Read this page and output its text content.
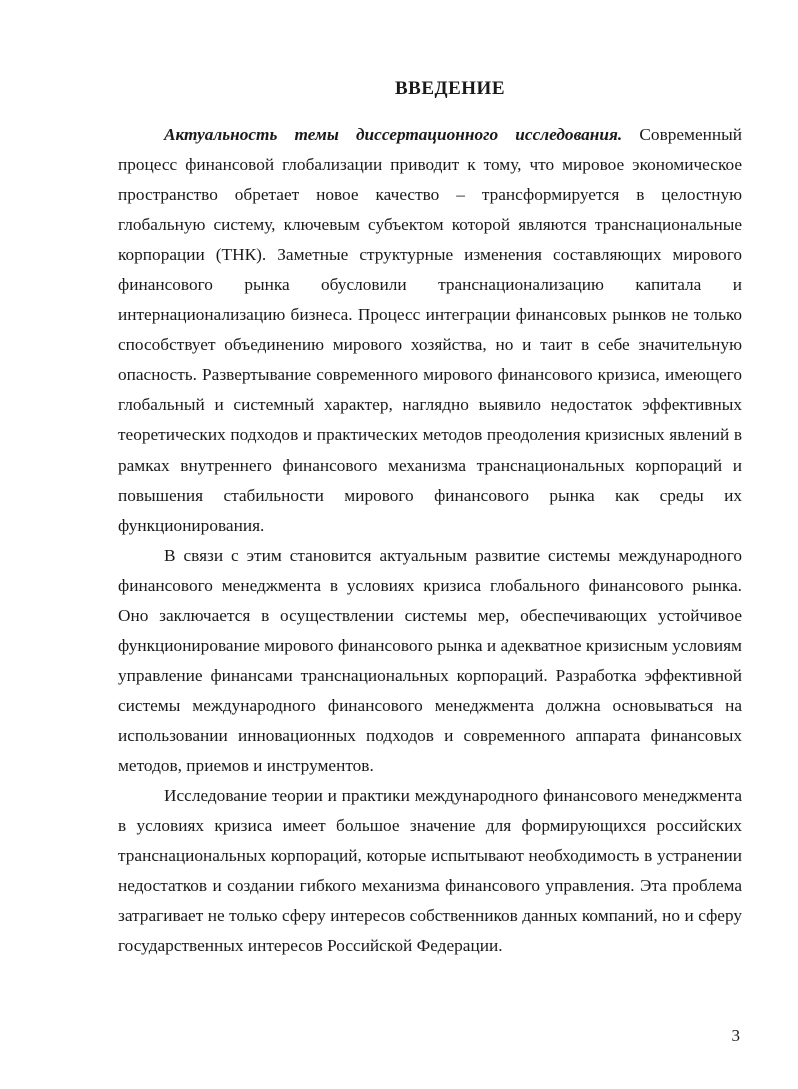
ВВЕДЕНИЕ

Актуальность темы диссертационного исследования. Современный процесс финансовой глобализации приводит к тому, что мировое экономическое пространство обретает новое качество – трансформируется в целостную глобальную систему, ключевым субъектом которой являются транснациональные корпорации (ТНК). Заметные структурные изменения составляющих мирового финансового рынка обусловили транснационализацию капитала и интернационализацию бизнеса. Процесс интеграции финансовых рынков не только способствует объединению мирового хозяйства, но и таит в себе значительную опасность. Развертывание современного мирового финансового кризиса, имеющего глобальный и системный характер, наглядно выявило недостаток эффективных теоретических подходов и практических методов преодоления кризисных явлений в рамках внутреннего финансового механизма транснациональных корпораций и повышения стабильности мирового финансового рынка как среды их функционирования.

В связи с этим становится актуальным развитие системы международного финансового менеджмента в условиях кризиса глобального финансового рынка. Оно заключается в осуществлении системы мер, обеспечивающих устойчивое функционирование мирового финансового рынка и адекватное кризисным условиям управление финансами транснациональных корпораций. Разработка эффективной системы международного финансового менеджмента должна основываться на использовании инновационных подходов и современного аппарата финансовых методов, приемов и инструментов.

Исследование теории и практики международного финансового менеджмента в условиях кризиса имеет большое значение для формирующихся российских транснациональных корпораций, которые испытывают необходимость в устранении недостатков и создании гибкого механизма финансового управления. Эта проблема затрагивает не только сферу интересов собственников данных компаний, но и сферу государственных интересов Российской Федерации.

3
